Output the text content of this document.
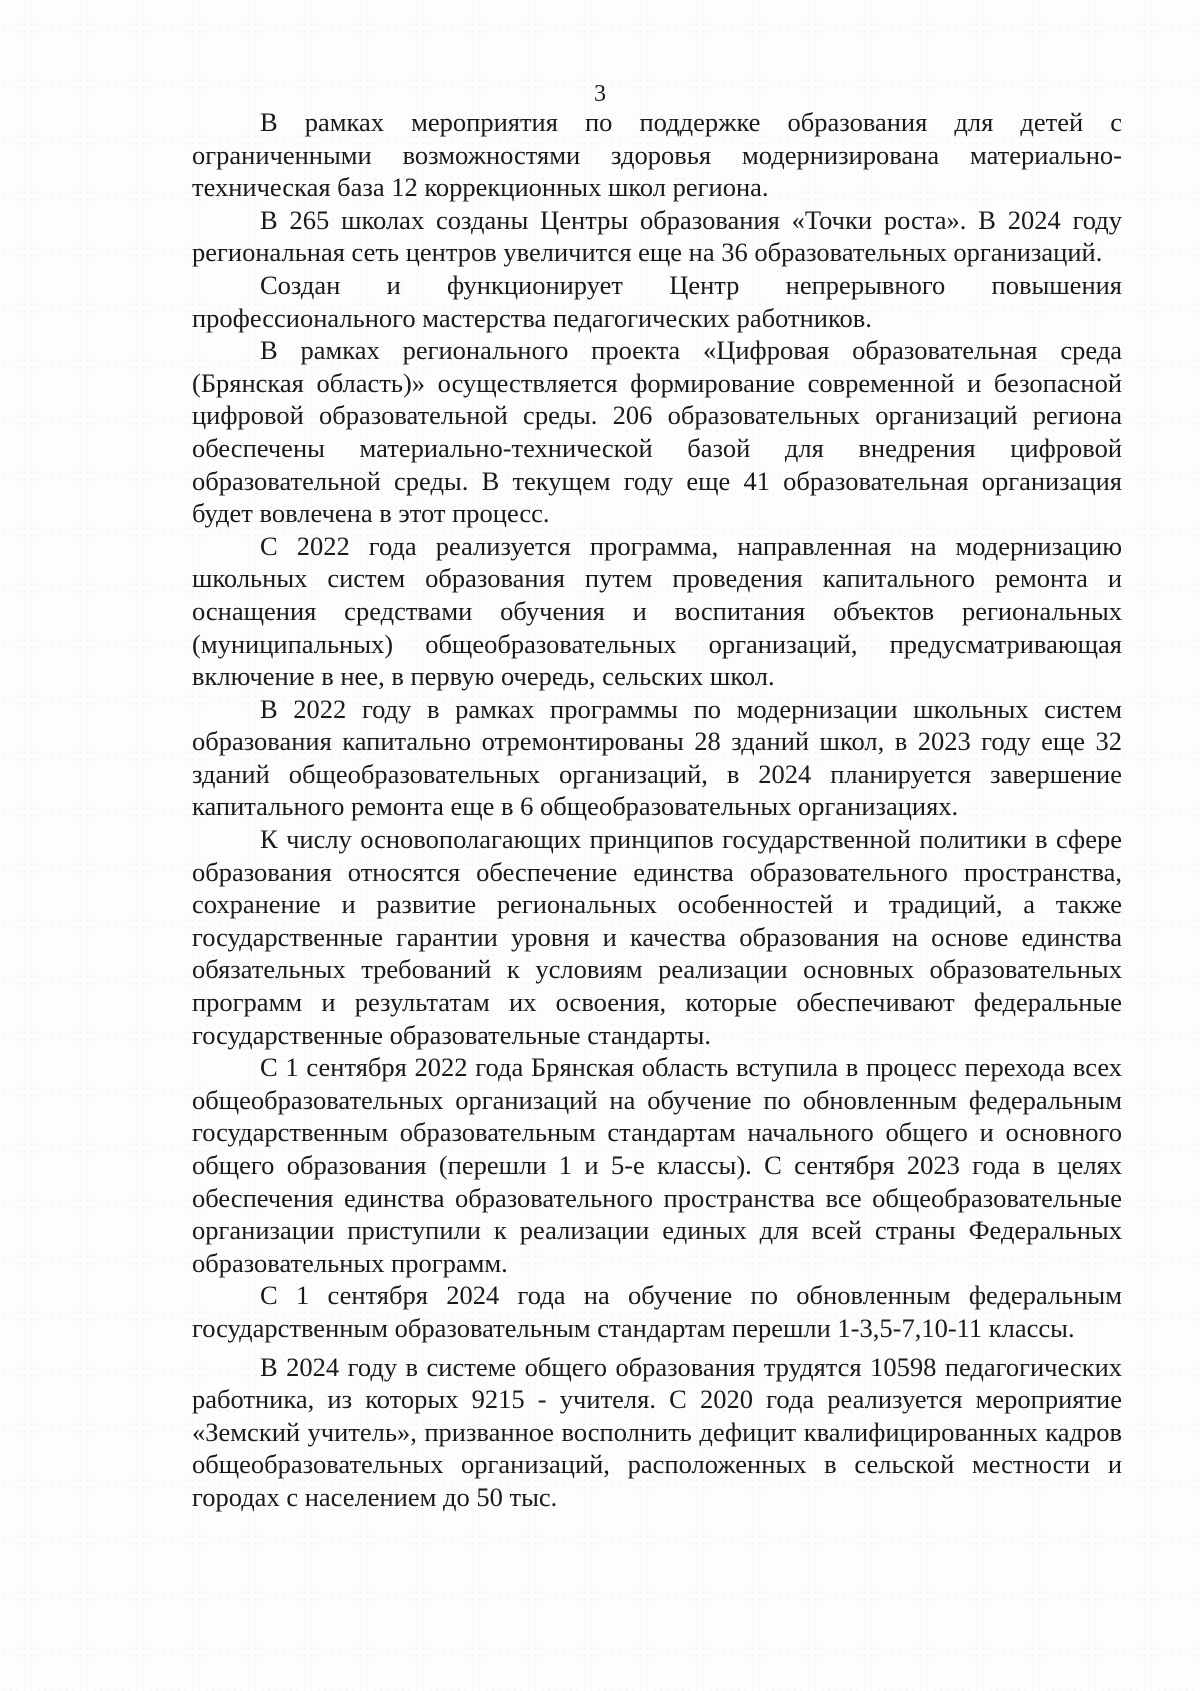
3

В рамках мероприятия по поддержке образования для детей с ограниченными возможностями здоровья модернизирована материально-техническая база 12 коррекционных школ региона.

В 265 школах созданы Центры образования «Точки роста». В 2024 году региональная сеть центров увеличится еще на 36 образовательных организаций.

Создан и функционирует Центр непрерывного повышения профессионального мастерства педагогических работников.

В рамках регионального проекта «Цифровая образовательная среда (Брянская область)» осуществляется формирование современной и безопасной цифровой образовательной среды. 206 образовательных организаций региона обеспечены материально-технической базой для внедрения цифровой образовательной среды. В текущем году еще 41 образовательная организация будет вовлечена в этот процесс.

С 2022 года реализуется программа, направленная на модернизацию школьных систем образования путем проведения капитального ремонта и оснащения средствами обучения и воспитания объектов региональных (муниципальных) общеобразовательных организаций, предусматривающая включение в нее, в первую очередь, сельских школ.

В 2022 году в рамках программы по модернизации школьных систем образования капитально отремонтированы 28 зданий школ, в 2023 году еще 32 зданий общеобразовательных организаций, в 2024 планируется завершение капитального ремонта еще в 6 общеобразовательных организациях.

К числу основополагающих принципов государственной политики в сфере образования относятся обеспечение единства образовательного пространства, сохранение и развитие региональных особенностей и традиций, а также государственные гарантии уровня и качества образования на основе единства обязательных требований к условиям реализации основных образовательных программ и результатам их освоения, которые обеспечивают федеральные государственные образовательные стандарты.

С 1 сентября 2022 года Брянская область вступила в процесс перехода всех общеобразовательных организаций на обучение по обновленным федеральным государственным образовательным стандартам начального общего и основного общего образования (перешли 1 и 5-е классы). С сентября 2023 года в целях обеспечения единства образовательного пространства все общеобразовательные организации приступили к реализации единых для всей страны Федеральных образовательных программ.

С 1 сентября 2024 года на обучение по обновленным федеральным государственным образовательным стандартам перешли 1-3,5-7,10-11 классы.

В 2024 году в системе общего образования трудятся 10598 педагогических работника, из которых 9215 - учителя. С 2020 года реализуется мероприятие «Земский учитель», призванное восполнить дефицит квалифицированных кадров общеобразовательных организаций, расположенных в сельской местности и городах с населением до 50 тыс.
